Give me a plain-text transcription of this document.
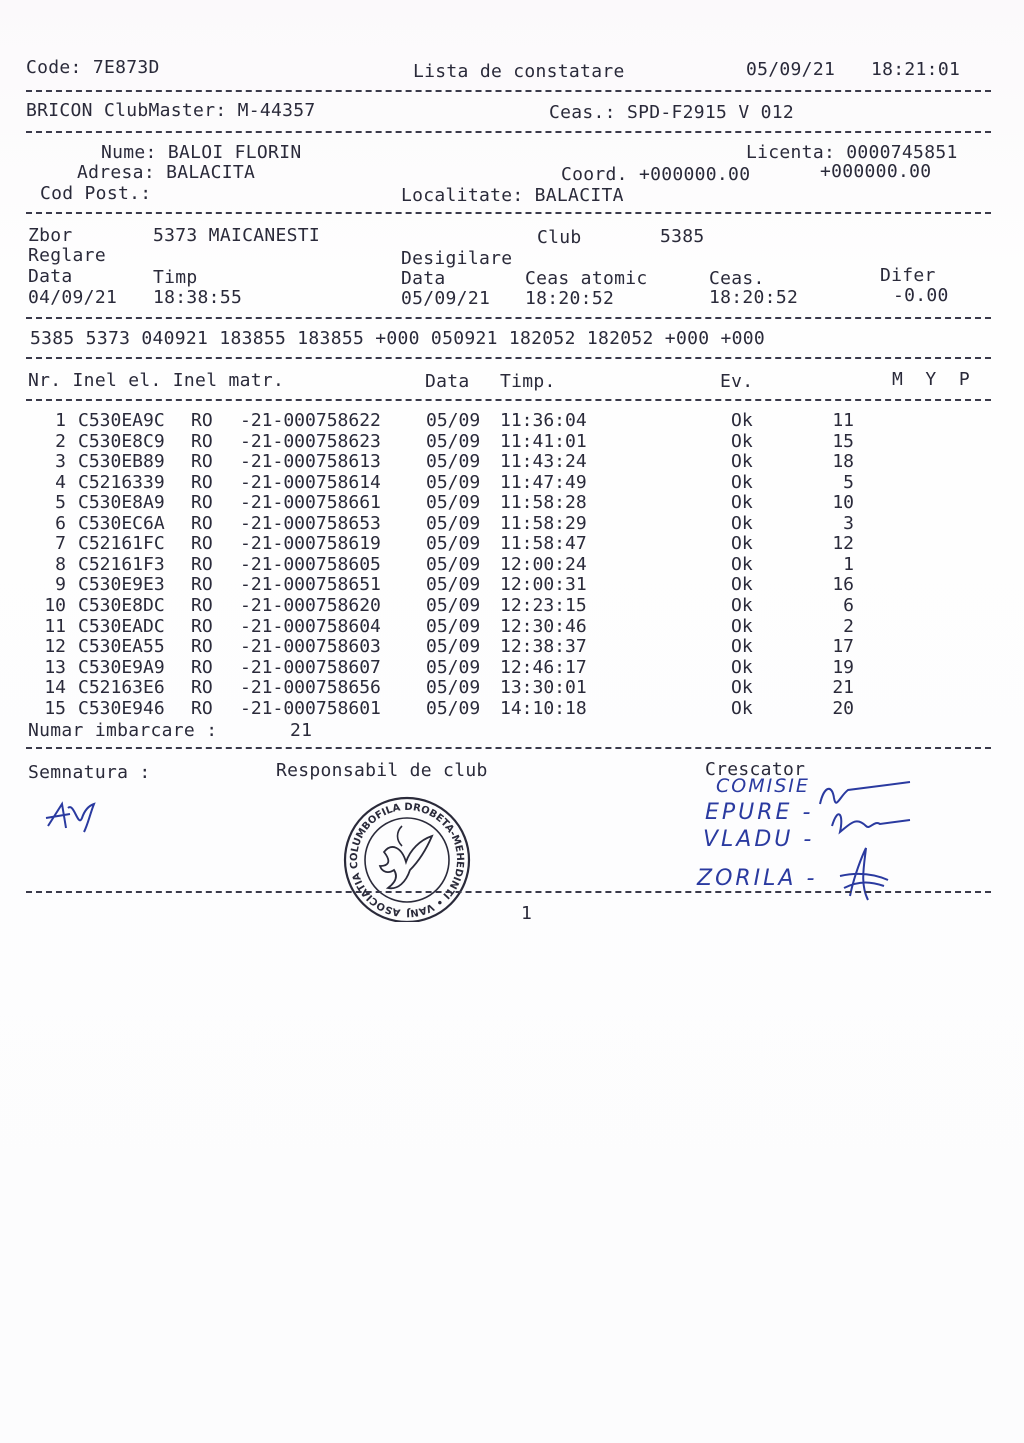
Code: 7E873D	Lista de constatare	05/09/21 18:21:01
BRICON ClubMaster: M-44357	Ceas.: SPD-F2915 V 012
Nume: BALOI FLORIN	Licenta: 0000745851
Adresa: BALACITA	Coord. +000000.00	+000000.00
Cod Post.:	Localitate: BALACITA
Zbor	5373 MAICANESTI	Club	5385
Reglare	Desigilare
Data	Timp	Data	Ceas atomic	Ceas.	Difer
04/09/21 18:38:55	05/09/21 18:20:52	18:20:52	-0.00
5385 5373 040921 183855 183855 +000 050921 182052 182052 +000 +000
Nr. Inel el. Inel matr.	Data Timp.	Ev.	M  Y  P
1 C530EA9C RO -21-000758622	05/09 11:36:04	Ok	11
2 C530E8C9 RO -21-000758623	05/09 11:41:01	Ok	15
3 C530EB89 RO -21-000758613	05/09 11:43:24	Ok	18
4 C5216339 RO -21-000758614	05/09 11:47:49	Ok	5
5 C530E8A9 RO -21-000758661	05/09 11:58:28	Ok	10
6 C530EC6A RO -21-000758653	05/09 11:58:29	Ok	3
7 C52161FC RO -21-000758619	05/09 11:58:47	Ok	12
8 C52161F3 RO -21-000758605	05/09 12:00:24	Ok	1
9 C530E9E3 RO -21-000758651	05/09 12:00:31	Ok	16
10 C530E8DC RO -21-000758620	05/09 12:23:15	Ok	6
11 C530EADC RO -21-000758604	05/09 12:30:46	Ok	2
12 C530EA55 RO -21-000758603	05/09 12:38:37	Ok	17
13 C530E9A9 RO -21-000758607	05/09 12:46:17	Ok	19
14 C52163E6 RO -21-000758656	05/09 13:30:01	Ok	21
15 C530E946 RO -21-000758601	05/09 14:10:18	Ok	20
Numar imbarcare :	21
Semnatura :	Responsabil de club	Crescator
COMISIE
EPURE -
VLADU -
ZORILA -
ASOCIATIA COLUMBOFILA DROBETA-MEHEDINTI • VANJ	1
